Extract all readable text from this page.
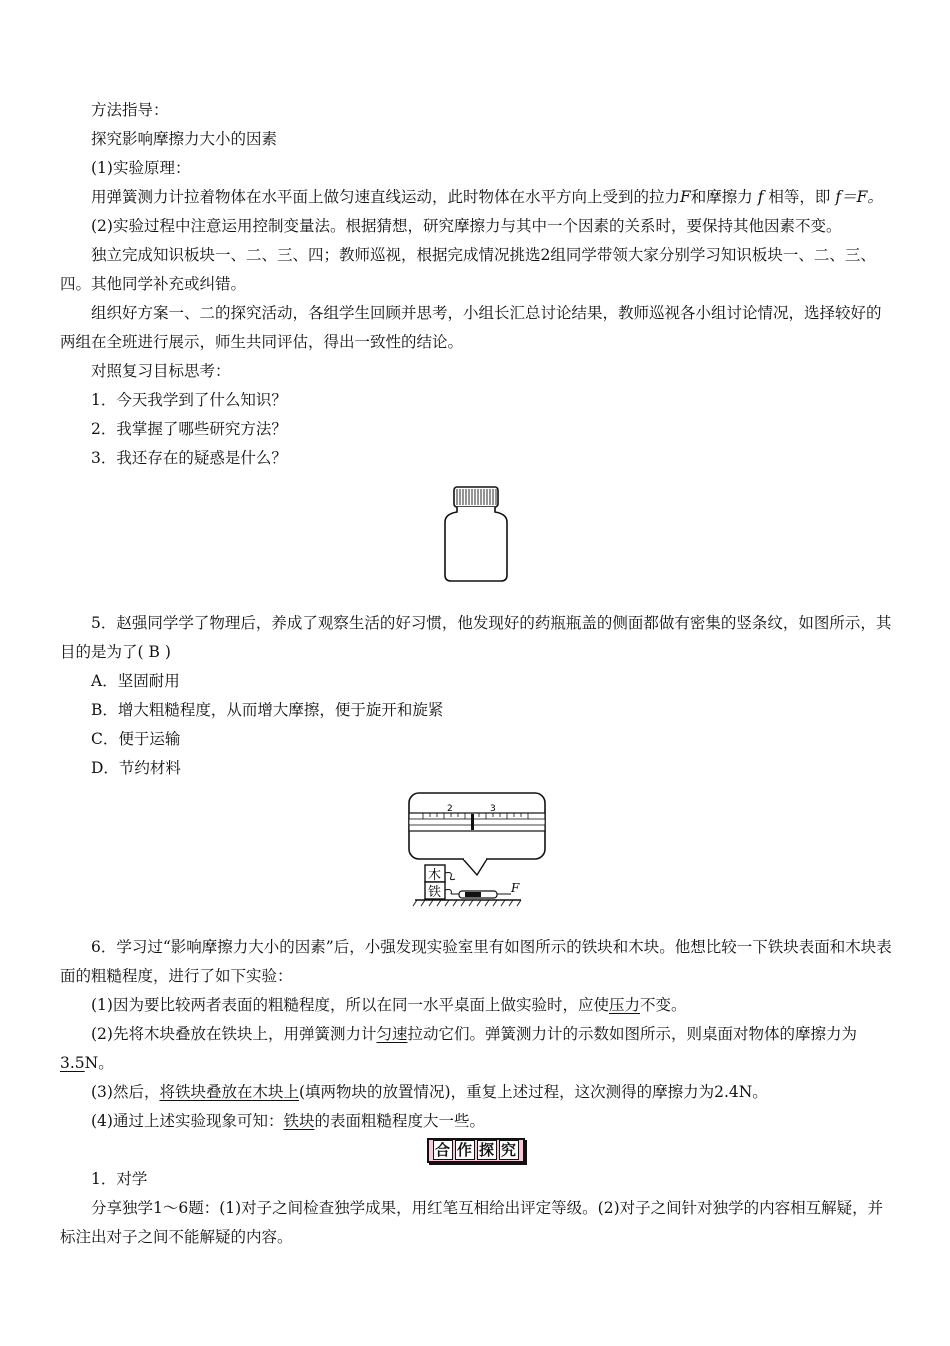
方法指导：

探究影响摩擦力大小的因素

(1)实验原理：

用弹簧测力计拉着物体在水平面上做匀速直线运动，此时物体在水平方向上受到的拉力F和摩擦力 f 相等，即 f＝F。

(2)实验过程中注意运用控制变量法。根据猜想，研究摩擦力与其中一个因素的关系时，要保持其他因素不变。

独立完成知识板块一、二、三、四；教师巡视，根据完成情况挑选2组同学带领大家分别学习知识板块一、二、三、四。其他同学补充或纠错。

组织好方案一、二的探究活动，各组学生回顾并思考，小组长汇总讨论结果，教师巡视各小组讨论情况，选择较好的两组在全班进行展示，师生共同评估，得出一致性的结论。

对照复习目标思考：

1．今天我学到了什么知识？

2．我掌握了哪些研究方法？

3．我还存在的疑惑是什么？

5．赵强同学学了物理后，养成了观察生活的好习惯，他发现好的药瓶瓶盖的侧面都做有密集的竖条纹，如图所示，其目的是为了( B )

A．坚固耐用

B．增大粗糙程度，从而增大摩擦，便于旋开和旋紧

C．便于运输

D．节约材料

2	3
木
铁	F

6．学习过“影响摩擦力大小的因素”后，小强发现实验室里有如图所示的铁块和木块。他想比较一下铁块表面和木块表面的粗糙程度，进行了如下实验：

(1)因为要比较两者表面的粗糙程度，所以在同一水平桌面上做实验时，应使压力不变。

(2)先将木块叠放在铁块上，用弹簧测力计匀速拉动它们。弹簧测力计的示数如图所示，则桌面对物体的摩擦力为3.5N。

(3)然后，将铁块叠放在木块上(填两物块的放置情况)，重复上述过程，这次测得的摩擦力为2.4N。

(4)通过上述实验现象可知：铁块的表面粗糙程度大一些。

合 作 探 究

1．对学

分享独学1～6题：(1)对子之间检查独学成果，用红笔互相给出评定等级。(2)对子之间针对独学的内容相互解疑，并标注出对子之间不能解疑的内容。
